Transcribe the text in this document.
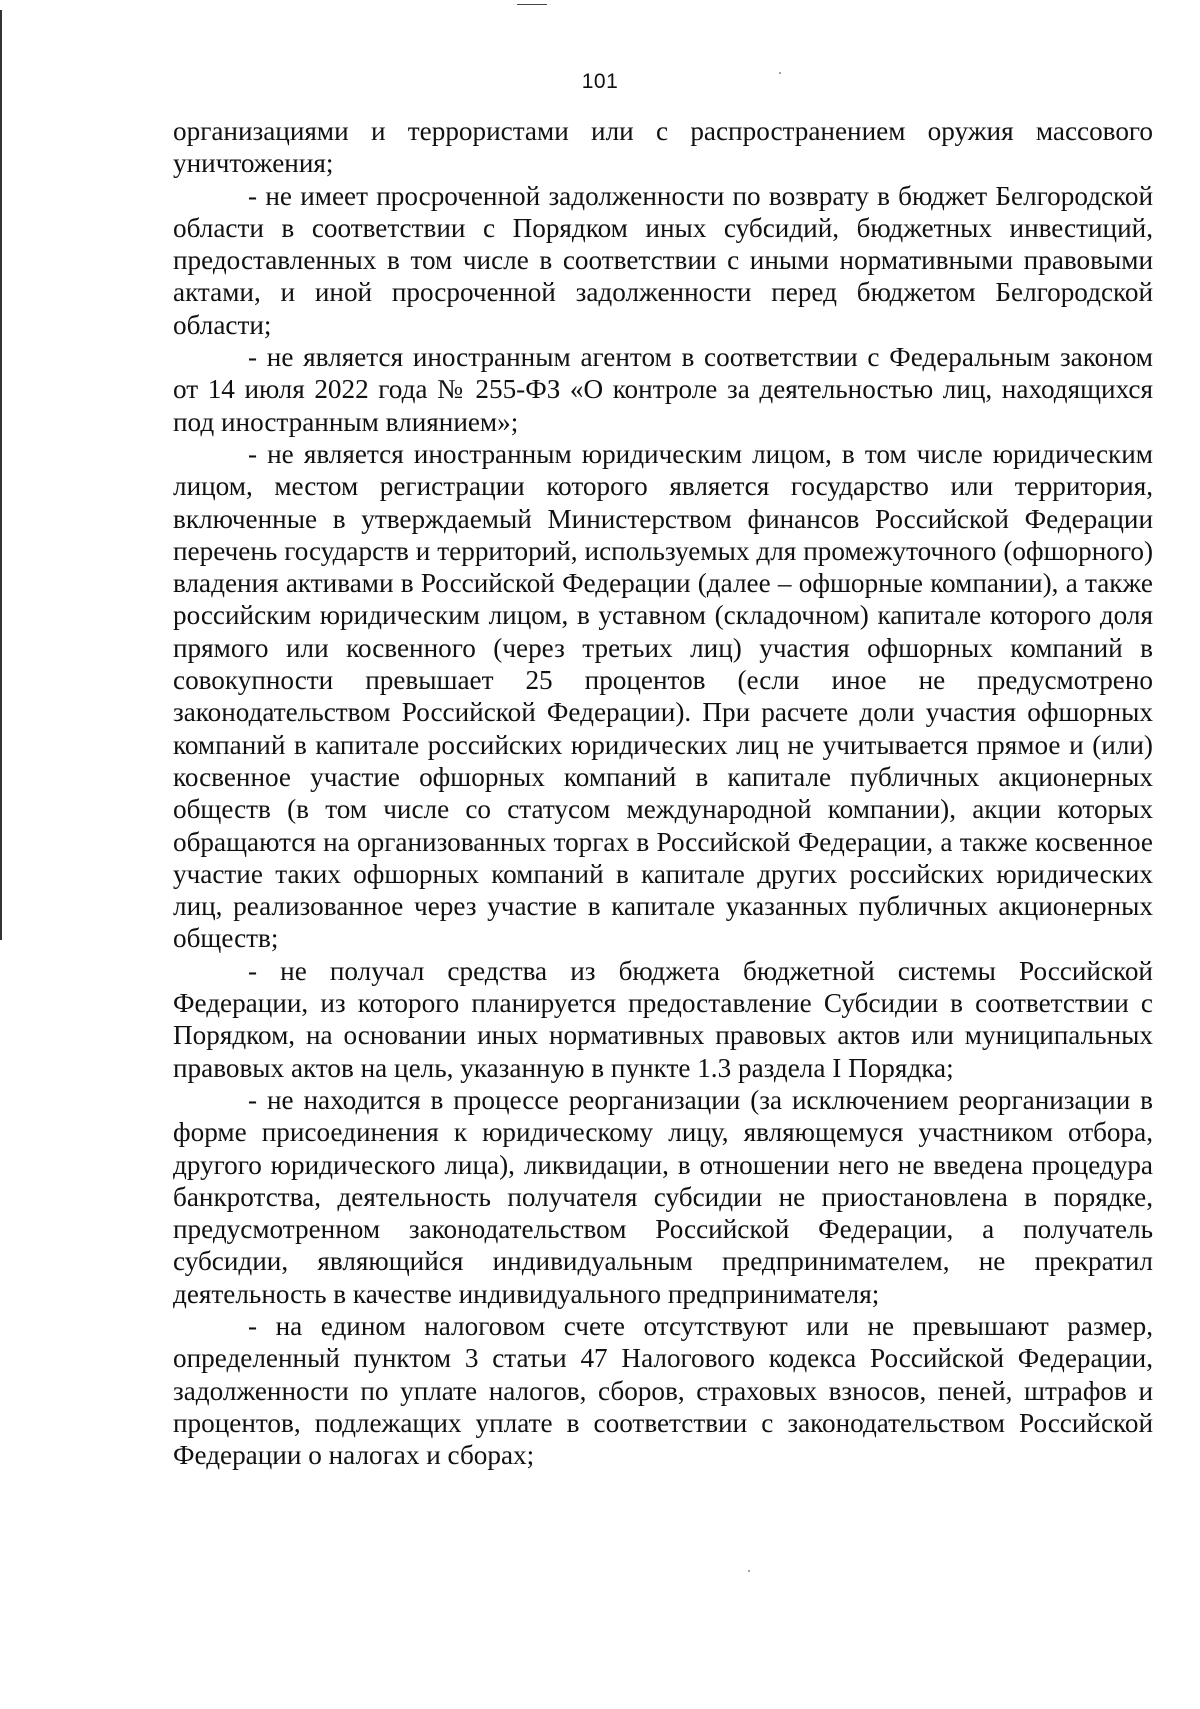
101

организациями и террористами или с распространением оружия массового уничтожения;

- не имеет просроченной задолженности по возврату в бюджет Белгородской области в соответствии с Порядком иных субсидий, бюджетных инвестиций, предоставленных в том числе в соответствии с иными нормативными правовыми актами, и иной просроченной задолженности перед бюджетом Белгородской области;

- не является иностранным агентом в соответствии с Федеральным законом от 14 июля 2022 года № 255-ФЗ «О контроле за деятельностью лиц, находящихся под иностранным влиянием»;

- не является иностранным юридическим лицом, в том числе юридическим лицом, местом регистрации которого является государство или территория, включенные в утверждаемый Министерством финансов Российской Федерации перечень государств и территорий, используемых для промежуточного (офшорного) владения активами в Российской Федерации (далее – офшорные компании), а также российским юридическим лицом, в уставном (складочном) капитале которого доля прямого или косвенного (через третьих лиц) участия офшорных компаний в совокупности превышает 25 процентов (если иное не предусмотрено законодательством Российской Федерации). При расчете доли участия офшорных компаний в капитале российских юридических лиц не учитывается прямое и (или) косвенное участие офшорных компаний в капитале публичных акционерных обществ (в том числе со статусом международной компании), акции которых обращаются на организованных торгах в Российской Федерации, а также косвенное участие таких офшорных компаний в капитале других российских юридических лиц, реализованное через участие в капитале указанных публичных акционерных обществ;

- не получал средства из бюджета бюджетной системы Российской Федерации, из которого планируется предоставление Субсидии в соответствии с Порядком, на основании иных нормативных правовых актов или муниципальных правовых актов на цель, указанную в пункте 1.3 раздела I Порядка;

- не находится в процессе реорганизации (за исключением реорганизации в форме присоединения к юридическому лицу, являющемуся участником отбора, другого юридического лица), ликвидации, в отношении него не введена процедура банкротства, деятельность получателя субсидии не приостановлена в порядке, предусмотренном законодательством Российской Федерации, а получатель субсидии, являющийся индивидуальным предпринимателем, не прекратил деятельность в качестве индивидуального предпринимателя;

- на едином налоговом счете отсутствуют или не превышают размер, определенный пунктом 3 статьи 47 Налогового кодекса Российской Федерации, задолженности по уплате налогов, сборов, страховых взносов, пеней, штрафов и процентов, подлежащих уплате в соответствии с законодательством Российской Федерации о налогах и сборах;
